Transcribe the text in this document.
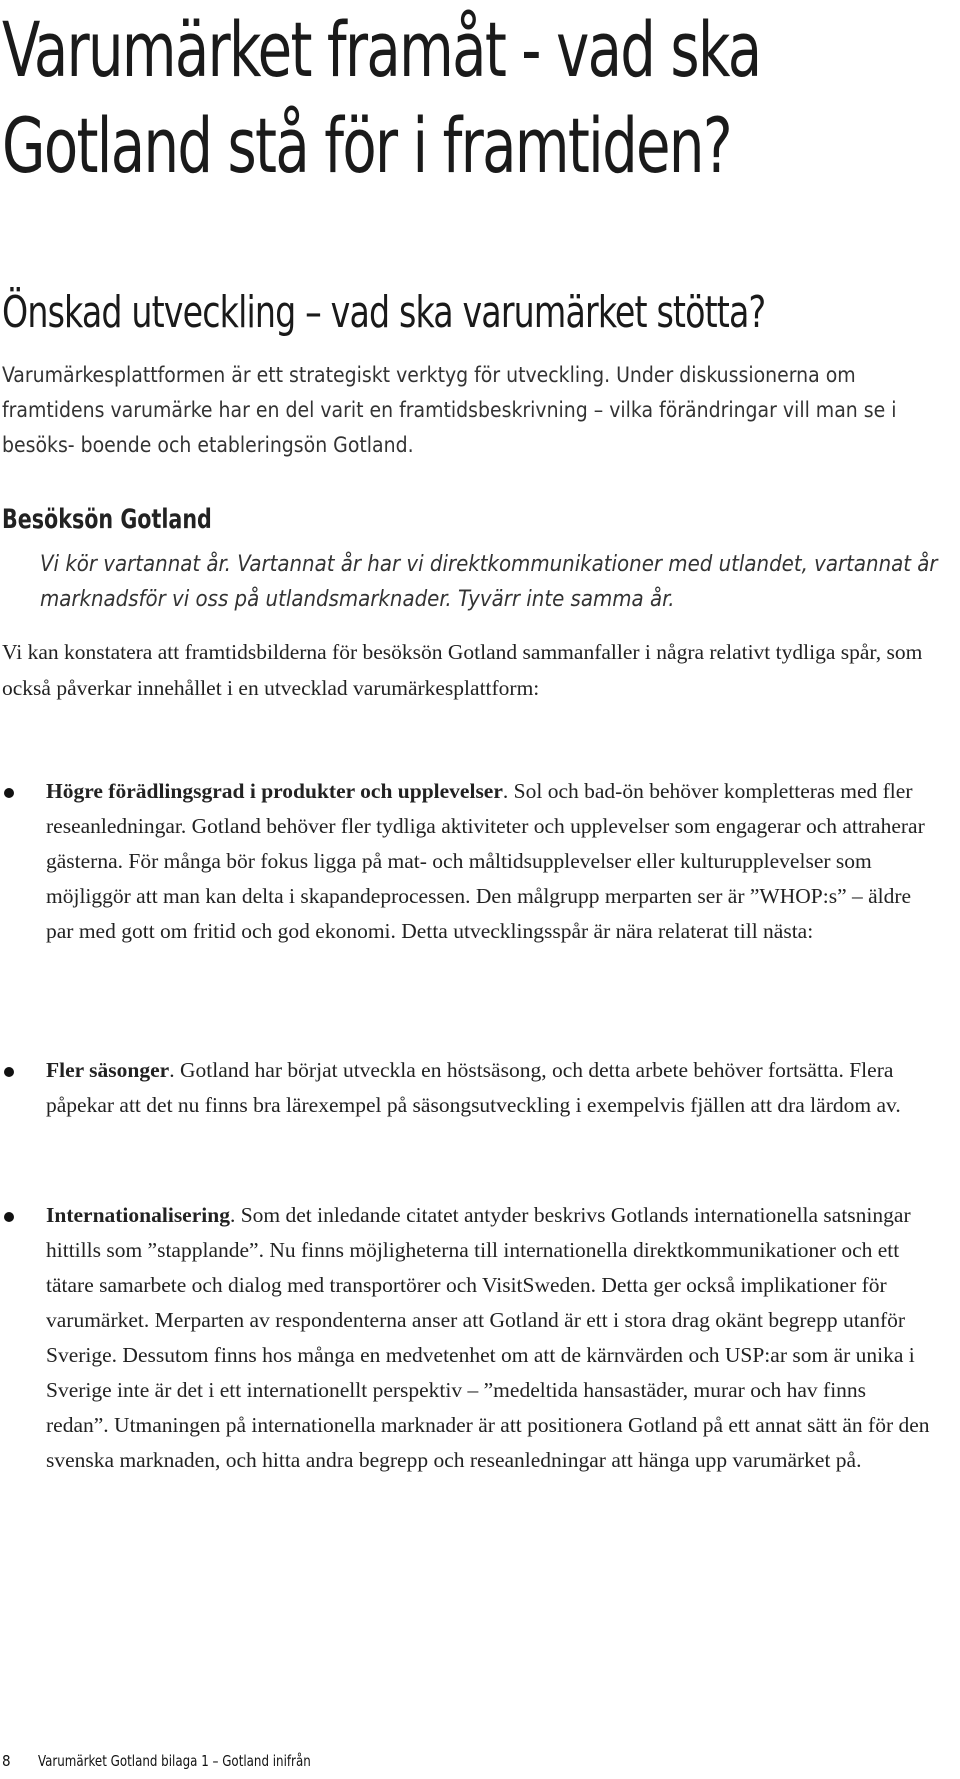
Varumärket framåt - vad ska
Gotland stå för i framtiden?
Önskad utveckling – vad ska varumärket stötta?

Varumärkesplattformen är ett strategiskt verktyg för utveckling. Under diskussionerna om framtidens varumärke har en del varit en framtidsbeskrivning – vilka förändringar vill man se i besöks- boende och etableringsön Gotland.

Besöksön Gotland

Vi kör vartannat år. Vartannat år har vi direktkommunikationer med utlandet, vartannat år marknadsför vi oss på utlandsmarknader. Tyvärr inte samma år.

Vi kan konstatera att framtidsbilderna för besöksön Gotland sammanfaller i några relativt tydliga spår, som också påverkar innehållet i en utvecklad varumärkesplattform:

Högre förädlingsgrad i produkter och upplevelser. Sol och bad-ön behöver kompletteras med fler reseanledningar. Gotland behöver fler tydliga aktiviteter och upplevelser som engagerar och attraherar gästerna. För många bör fokus ligga på mat- och måltidsupplevelser eller kulturupplevelser som möjliggör att man kan delta i skapandeprocessen. Den målgrupp merparten ser är ”WHOP:s” – äldre par med gott om fritid och god ekonomi. Detta utvecklingsspår är nära relaterat till nästa:

Fler säsonger. Gotland har börjat utveckla en höstsäsong, och detta arbete behöver fortsätta. Flera påpekar att det nu finns bra lärexempel på säsongsutveckling i exempelvis fjällen att dra lärdom av.

Internationalisering. Som det inledande citatet antyder beskrivs Gotlands internationella satsningar hittills som ”stapplande”. Nu finns möjligheterna till internationella direktkommunikationer och ett tätare samarbete och dialog med transportörer och VisitSweden. Detta ger också implikationer för varumärket. Merparten av respondenterna anser att Gotland är ett i stora drag okänt begrepp utanför Sverige. Dessutom finns hos många en medvetenhet om att de kärnvärden och USP:ar som är unika i Sverige inte är det i ett internationellt perspektiv – ”medeltida hansastäder, murar och hav finns redan”. Utmaningen på internationella marknader är att positionera Gotland på ett annat sätt än för den svenska marknaden, och hitta andra begrepp och reseanledningar att hänga upp varumärket på.

8 Varumärket Gotland bilaga 1 – Gotland inifrån
